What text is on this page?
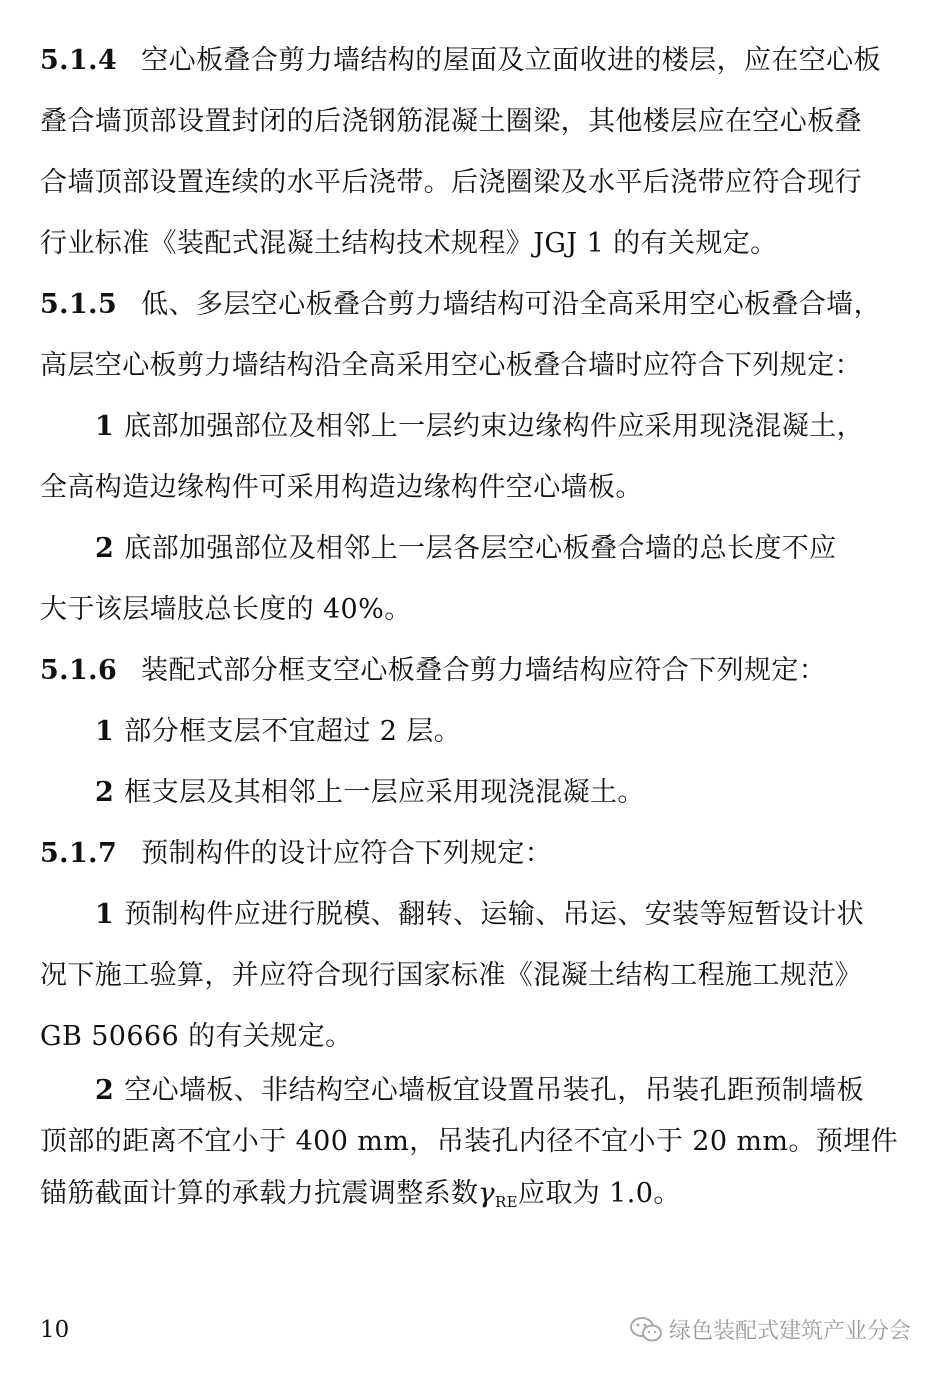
5.1.4 空心板叠合剪力墙结构的屋面及立面收进的楼层，应在空心板
叠合墙顶部设置封闭的后浇钢筋混凝土圈梁，其他楼层应在空心板叠
合墙顶部设置连续的水平后浇带。后浇圈梁及水平后浇带应符合现行
行业标准《装配式混凝土结构技术规程》JGJ 1 的有关规定。
5.1.5 低、多层空心板叠合剪力墙结构可沿全高采用空心板叠合墙，
高层空心板剪力墙结构沿全高采用空心板叠合墙时应符合下列规定：
1 底部加强部位及相邻上一层约束边缘构件应采用现浇混凝土，
全高构造边缘构件可采用构造边缘构件空心墙板。
2 底部加强部位及相邻上一层各层空心板叠合墙的总长度不应
大于该层墙肢总长度的 40%。
5.1.6 装配式部分框支空心板叠合剪力墙结构应符合下列规定：
1 部分框支层不宜超过 2 层。
2 框支层及其相邻上一层应采用现浇混凝土。
5.1.7 预制构件的设计应符合下列规定：
1 预制构件应进行脱模、翻转、运输、吊运、安装等短暂设计状
况下施工验算，并应符合现行国家标准《混凝土结构工程施工规范》
GB 50666 的有关规定。
2 空心墙板、非结构空心墙板宜设置吊装孔，吊装孔距预制墙板
顶部的距离不宜小于 400 mm，吊装孔内径不宜小于 20 mm。预埋件
锚筋截面计算的承载力抗震调整系数γRE应取为 1.0。
10	绿色装配式建筑产业分会
